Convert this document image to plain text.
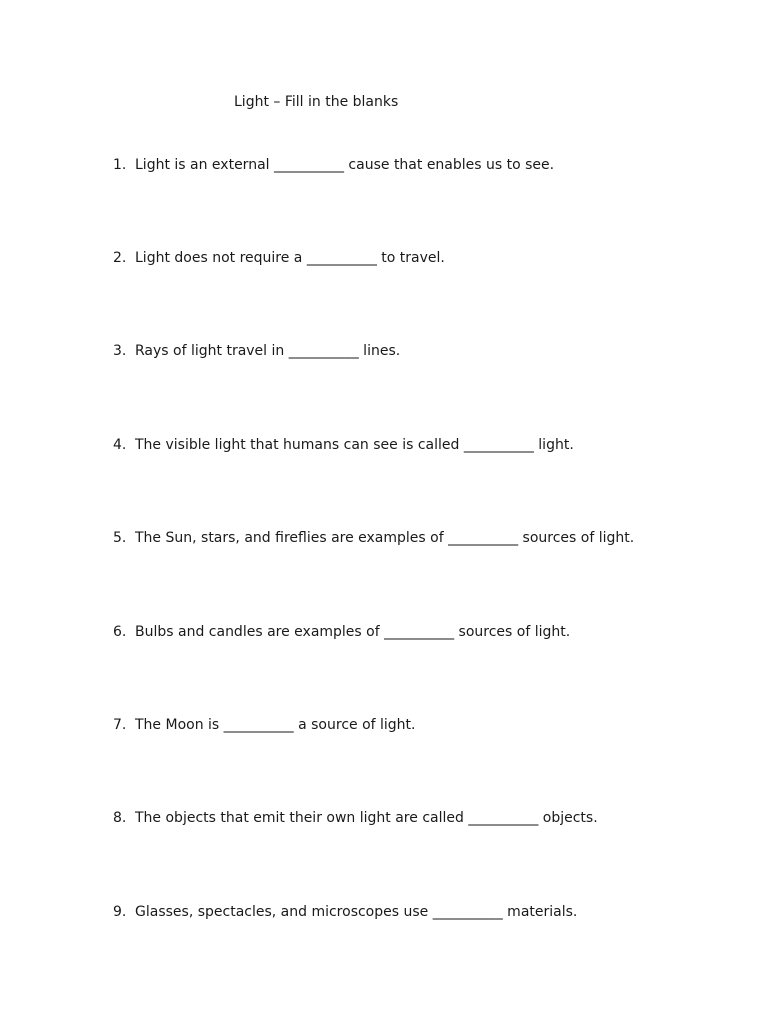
Light – Fill in the blanks
1. Light is an external __________ cause that enables us to see.
2. Light does not require a __________ to travel.
3. Rays of light travel in __________ lines.
4. The visible light that humans can see is called __________ light.
5. The Sun, stars, and fireflies are examples of __________ sources of light.
6. Bulbs and candles are examples of __________ sources of light.
7. The Moon is __________ a source of light.
8. The objects that emit their own light are called __________ objects.
9. Glasses, spectacles, and microscopes use __________ materials.
